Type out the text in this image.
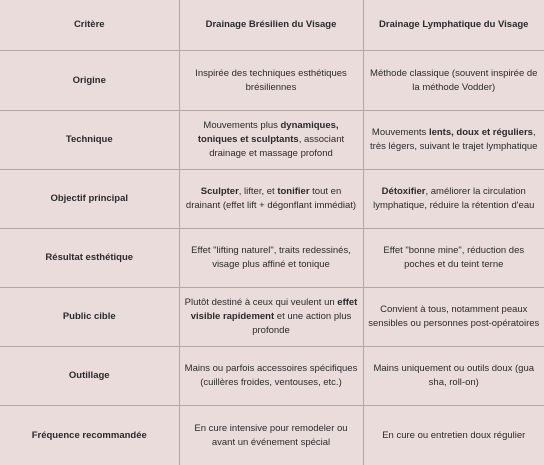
Critère	Drainage Brésilien du Visage	Drainage Lymphatique du Visage
Origine	Inspirée des techniques esthétiques brésiliennes	Méthode classique (souvent inspirée de la méthode Vodder)
Technique	Mouvements plus dynamiques, toniques et sculptants, associant drainage et massage profond	Mouvements lents, doux et réguliers, très légers, suivant le trajet lymphatique
Objectif principal	Sculpter, lifter, et tonifier tout en drainant (effet lift + dégonflant immédiat)	Détoxifier, améliorer la circulation lymphatique, réduire la rétention d'eau
Résultat esthétique	Effet "lifting naturel", traits redessinés, visage plus affiné et tonique	Effet "bonne mine", réduction des poches et du teint terne
Public cible	Plutôt destiné à ceux qui veulent un effet visible rapidement et une action plus profonde	Convient à tous, notamment peaux sensibles ou personnes post-opératoires
Outillage	Mains ou parfois accessoires spécifiques (cuillères froides, ventouses, etc.)	Mains uniquement ou outils doux (gua sha, roll-on)
Fréquence recommandée	En cure intensive pour remodeler ou avant un événement spécial	En cure ou entretien doux régulier
